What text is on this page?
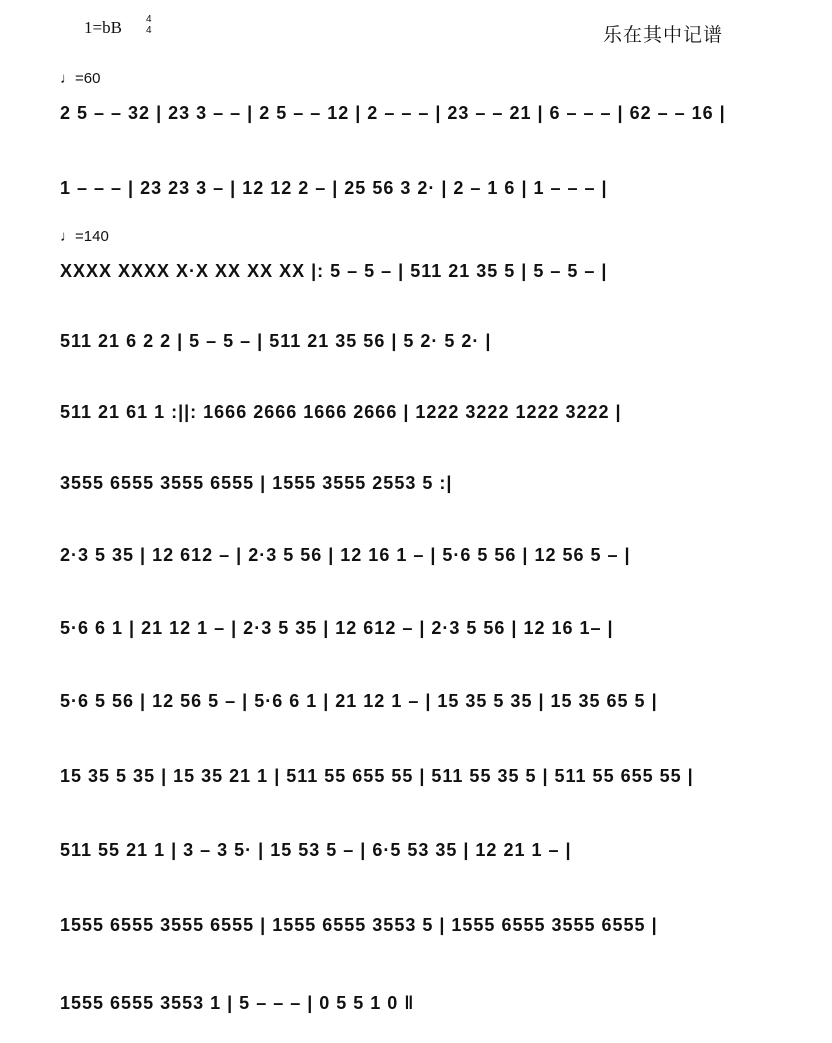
1=bB 4
4	乐在其中记谱
♩=60
♩=140
2 5 – – 32 | 23 3 – – | 2 5 – – 12 | 2 – – – | 23 – – 21 | 6 – – – | 62 – – 16 |
1 – – – | 23 23 3 – | 12 12 2 – | 25 56 3 2· | 2 – 1 6 | 1 – – – |
XXXX XXXX X·X XX XX XX |: 5 – 5 – | 511 21 35 5 | 5 – 5 – |
511 21 6 2 2 | 5 – 5 – | 511 21 35 56 | 5 2· 5 2· |
511 21 61 1 :||: 1666 2666 1666 2666 | 1222 3222 1222 3222 |
3555 6555 3555 6555 | 1555 3555 2553 5 :|
2·3 5 35 | 12 612 – | 2·3 5 56 | 12 16 1 – | 5·6 5 56 | 12 56 5 – |
5·6 6 1 | 21 12 1 – | 2·3 5 35 | 12 612 – | 2·3 5 56 | 12 16 1– |
5·6 5 56 | 12 56 5 – | 5·6 6 1 | 21 12 1 – | 15 35 5 35 | 15 35 65 5 |
15 35 5 35 | 15 35 21 1 | 511 55 655 55 | 511 55 35 5 | 511 55 655 55 |
511 55 21 1 | 3 – 3 5· | 15 53 5 – | 6·5 53 35 | 12 21 1 – |
1555 6555 3555 6555 | 1555 6555 3553 5 | 1555 6555 3555 6555 |
1555 6555 3553 1 | 5 – – – | 0 5 5 1 0 ‖
